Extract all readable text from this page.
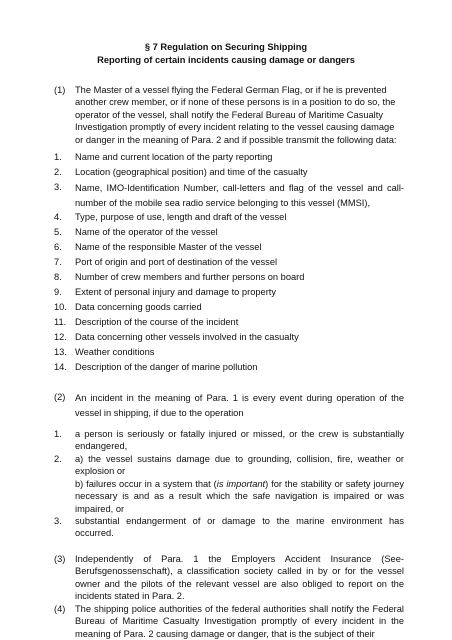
§ 7 Regulation on Securing Shipping
Reporting of certain incidents causing damage or dangers
(1) The Master of a vessel flying the Federal German Flag, or if he is prevented another crew member, or if none of these persons is in a position to do so, the operator of the vessel, shall notify the Federal Bureau of Maritime Casualty Investigation promptly of every incident relating to the vessel causing damage or danger in the meaning of Para. 2 and if possible transmit the following data:
1. Name and current location of the party reporting
2. Location (geographical position) and time of the casualty
3. Name, IMO-Identification Number, call-letters and flag of the vessel and call-number of the mobile sea radio service belonging to this vessel (MMSI),
4. Type, purpose of use, length and draft of the vessel
5. Name of the operator of the vessel
6. Name of the responsible Master of the vessel
7. Port of origin and port of destination of the vessel
8. Number of crew members and further persons on board
9. Extent of personal injury and damage to property
10. Data concerning goods carried
11. Description of the course of the incident
12. Data concerning other vessels involved in the casualty
13. Weather conditions
14. Description of the danger of marine pollution
(2) An incident in the meaning of Para. 1 is every event during operation of the vessel in shipping, if due to the operation
1. a person is seriously or fatally injured or missed, or the crew is substantially endangered,
2. a) the vessel sustains damage due to grounding, collision, fire, weather or explosion or

b) failures occur in a system that (is important) for the stability or safety journey necessary is and as a result which the safe navigation is impaired or was impaired, or

3. substantial endangerment of or damage to the marine environment has occurred.
(3) Independently of Para. 1 the Employers Accident Insurance (See-Berufsgenossenschaft), a classification society called in by or for the vessel owner and the pilots of the relevant vessel are also obliged to report on the incidents stated in Para. 2.
(4) The shipping police authorities of the federal authorities shall notify the Federal Bureau of Maritime Casualty Investigation promptly of every incident in the meaning of Para. 2 causing damage or danger, that is the subject of their
